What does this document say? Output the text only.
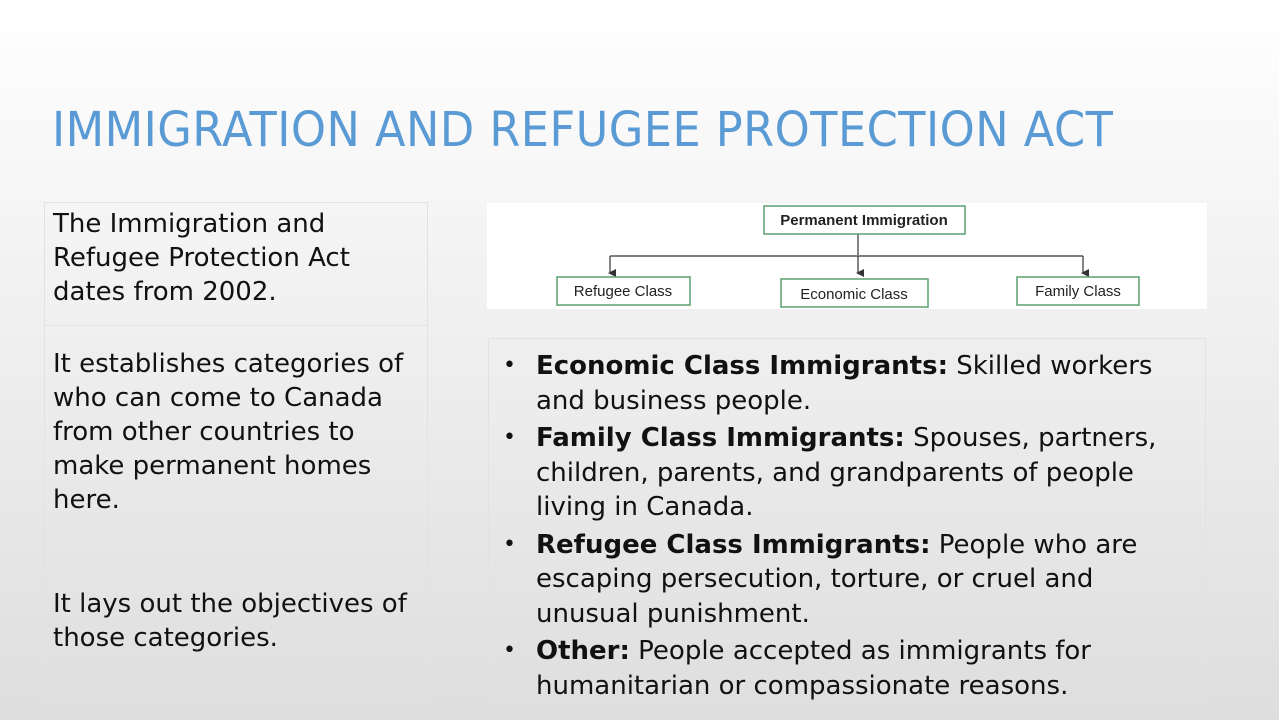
IMMIGRATION AND REFUGEE PROTECTION ACT

The Immigration and Refugee Protection Act dates from 2002.

It establishes categories of who can come to Canada from other countries to make permanent homes here.

It lays out the objectives of those categories.

Permanent Immigration
Refugee Class	Economic Class	Family Class
• Economic Class Immigrants: Skilled workers and business people.
• Family Class Immigrants: Spouses, partners, children, parents, and grandparents of people living in Canada.
• Refugee Class Immigrants: People who are escaping persecution, torture, or cruel and unusual punishment.
• Other: People accepted as immigrants for humanitarian or compassionate reasons.
